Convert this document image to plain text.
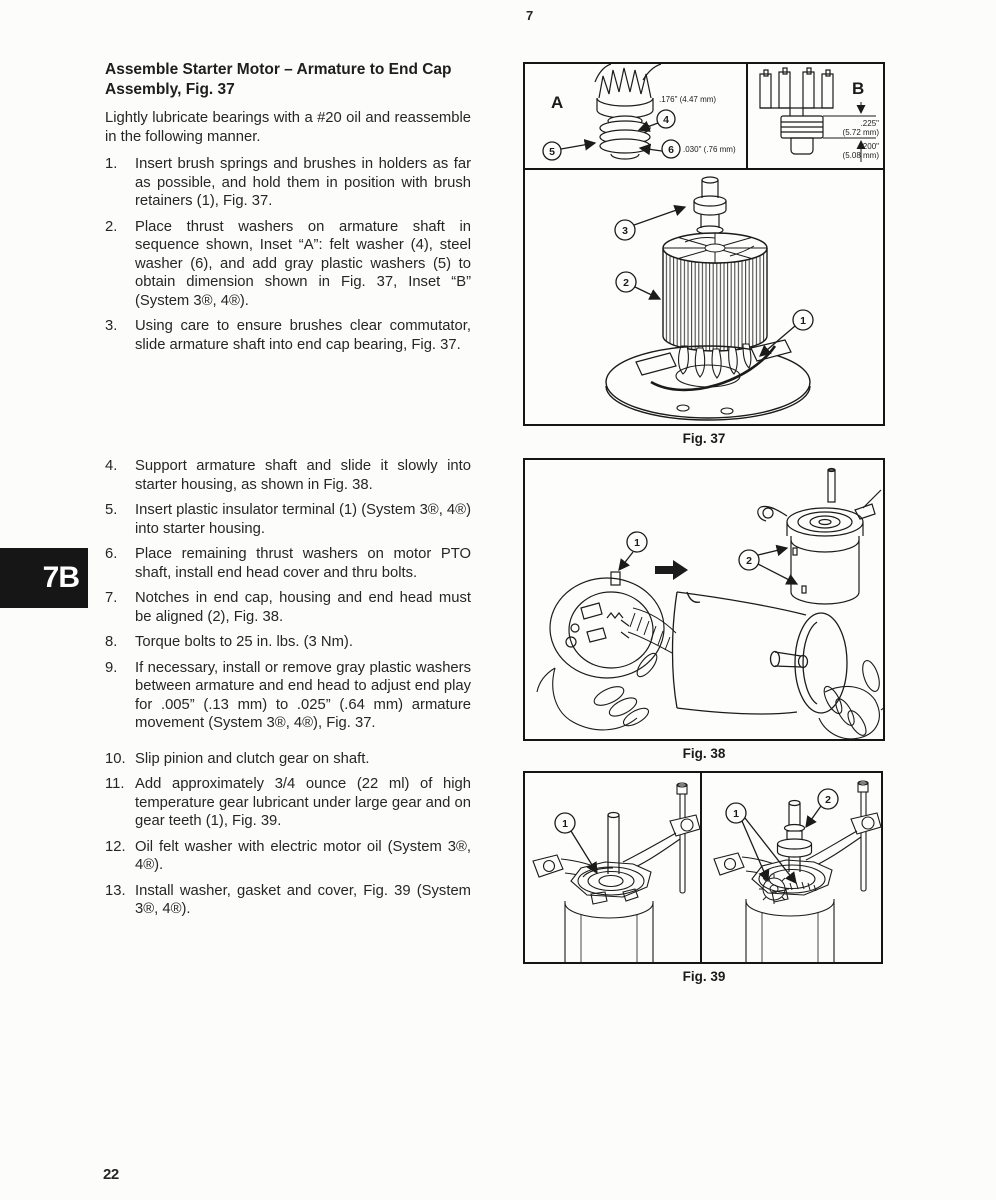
7
7B
Assemble Starter Motor – Armature to End Cap Assembly, Fig. 37

Lightly lubricate bearings with a #20 oil and reassemble in the following manner.

1.	Insert brush springs and brushes in holders as far as possible, and hold them in position with brush retainers (1), Fig. 37.
2.	Place thrust washers on armature shaft in sequence shown, Inset “A”: felt washer (4), steel washer (6), and add gray plastic washers (5) to obtain dimension shown in Fig. 37, Inset “B” (System 3®, 4®).
3.	Using care to ensure brushes clear commutator, slide armature shaft into end cap bearing, Fig. 37.
4.	Support armature shaft and slide it slowly into starter housing, as shown in Fig. 38.
5.	Insert plastic insulator terminal (1) (System 3®, 4®) into starter housing.
6.	Place remaining thrust washers on motor PTO shaft, install end head cover and thru bolts.
7.	Notches in end cap, housing and end head must be aligned (2), Fig. 38.
8.	Torque bolts to 25 in. lbs. (3 Nm).
9.	If necessary, install or remove gray plastic washers between armature and end head to adjust end play for .005” (.13 mm) to .025” (.64 mm) armature movement (System 3®, 4®), Fig. 37.
10. Slip pinion and clutch gear on shaft.
11. Add approximately 3/4 ounce (22 ml) of high temperature gear lubricant under large gear and on gear teeth (1), Fig. 39.
12. Oil felt washer with electric motor oil (System 3®, 4®).
13. Install washer, gasket and cover, Fig. 39 (System 3®, 4®).
A	.176" (4.47 mm)
.030" (.76 mm)
4
5	6
B
.225"
(5.72 mm)
.200"
(5.08 mm)
3
2
1
Fig. 37
2
1
Fig. 38
1
1
2
Fig. 39
22
